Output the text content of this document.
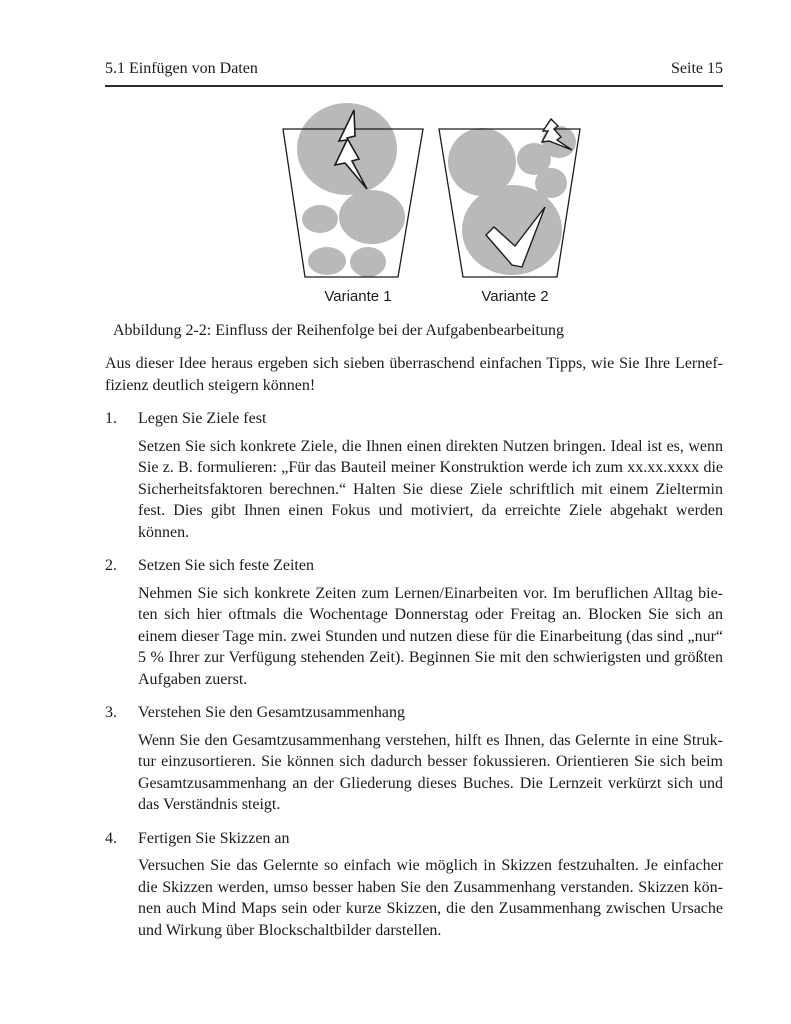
5.1 Einfügen von Daten	Seite 15
Variante 1	Variante 2

Abbildung 2-2: Einfluss der Reihenfolge bei der Aufgabenbearbeitung

Aus dieser Idee heraus ergeben sich sieben überraschend einfachen Tipps, wie Sie Ihre Lerneffizienz deutlich steigern können!

1.	Legen Sie Ziele fest

Setzen Sie sich konkrete Ziele, die Ihnen einen direkten Nutzen bringen. Ideal ist es, wenn Sie z. B. formulieren: „Für das Bauteil meiner Konstruktion werde ich zum xx.xx.xxxx die Sicherheitsfaktoren berechnen.“ Halten Sie diese Ziele schriftlich mit einem Zieltermin fest. Dies gibt Ihnen einen Fokus und motiviert, da erreichte Ziele abgehakt werden können.

2.	Setzen Sie sich feste Zeiten

Nehmen Sie sich konkrete Zeiten zum Lernen/Einarbeiten vor. Im beruflichen Alltag bieten sich hier oftmals die Wochentage Donnerstag oder Freitag an. Blocken Sie sich an einem dieser Tage min. zwei Stunden und nutzen diese für die Einarbeitung (das sind „nur“ 5 % Ihrer zur Verfügung stehenden Zeit). Beginnen Sie mit den schwierigsten und größten Aufgaben zuerst.

3.	Verstehen Sie den Gesamtzusammenhang

Wenn Sie den Gesamtzusammenhang verstehen, hilft es Ihnen, das Gelernte in eine Struktur einzusortieren. Sie können sich dadurch besser fokussieren. Orientieren Sie sich beim Gesamtzusammenhang an der Gliederung dieses Buches. Die Lernzeit verkürzt sich und das Verständnis steigt.

4.	Fertigen Sie Skizzen an

Versuchen Sie das Gelernte so einfach wie möglich in Skizzen festzuhalten. Je einfacher die Skizzen werden, umso besser haben Sie den Zusammenhang verstanden. Skizzen können auch Mind Maps sein oder kurze Skizzen, die den Zusammenhang zwischen Ursache und Wirkung über Blockschaltbilder darstellen.
